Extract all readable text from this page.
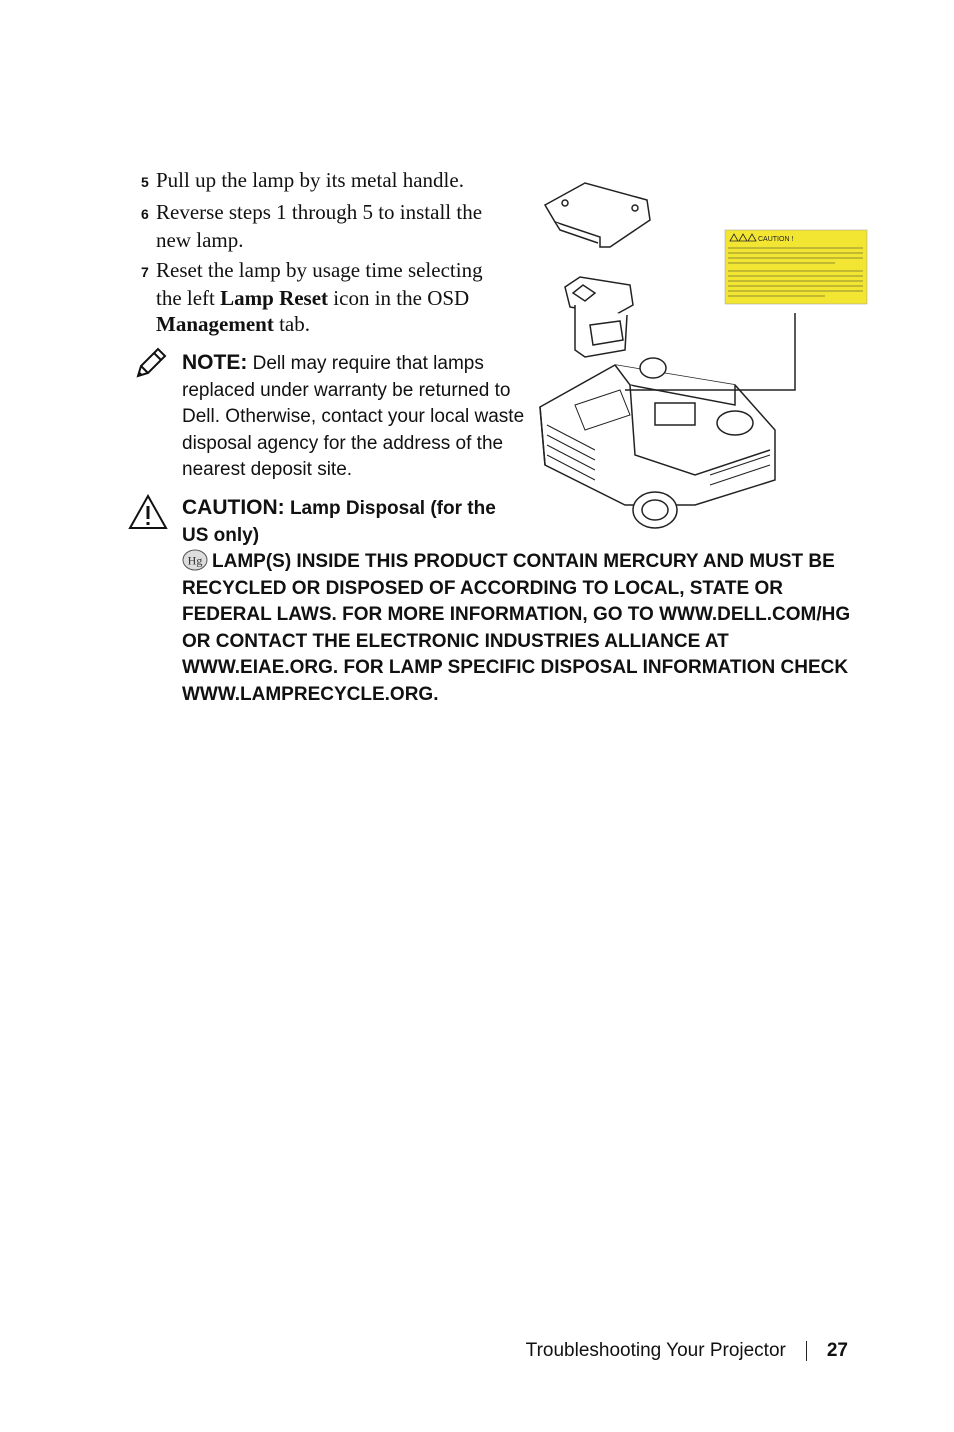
5 Pull up the lamp by its metal handle.
6 Reverse steps 1 through 5 to install the
new lamp.
7 Reset the lamp by usage time selecting
the left Lamp Reset icon in the OSD
Management tab.
NOTE: Dell may require that lamps replaced under warranty be returned to Dell. Otherwise, contact your local waste disposal agency for the address of the nearest deposit site.
CAUTION: Lamp Disposal (for the US only)
Hg LAMP(S) INSIDE THIS PRODUCT CONTAIN MERCURY AND MUST BE RECYCLED OR DISPOSED OF ACCORDING TO LOCAL, STATE OR FEDERAL LAWS. FOR MORE INFORMATION, GO TO WWW.DELL.COM/HG OR CONTACT THE ELECTRONIC INDUSTRIES ALLIANCE AT WWW.EIAE.ORG. FOR LAMP SPECIFIC DISPOSAL INFORMATION CHECK WWW.LAMPRECYCLE.ORG.
CAUTION !
Troubleshooting Your Projector 27
